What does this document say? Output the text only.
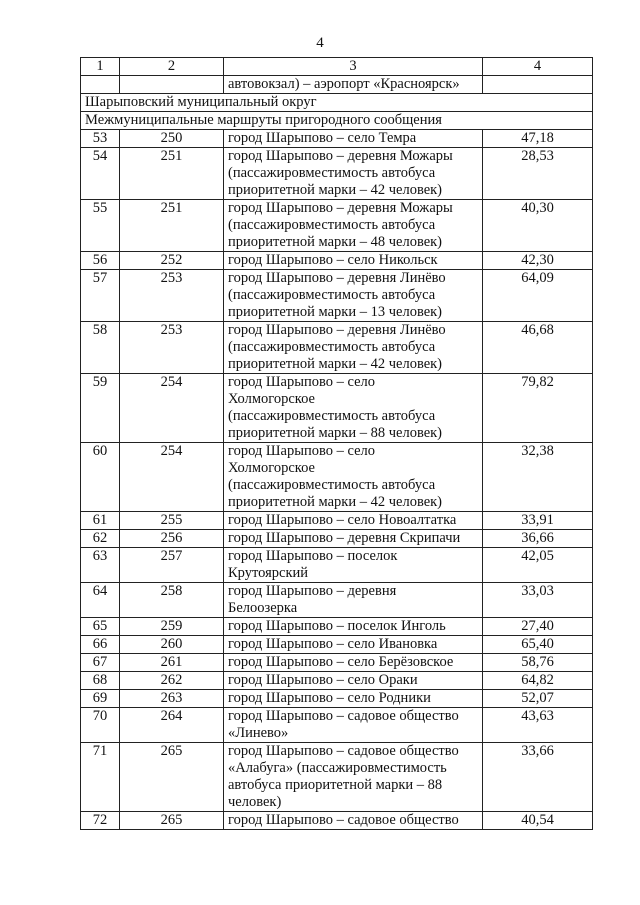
4
1	2	3	4
		автовокзал) – аэропорт «Красноярск»	
Шарыповский муниципальный округ			
Межмуниципальные маршруты пригородного сообщения			
53	250	город Шарыпово – село Темра	47,18
54	251	город Шарыпово – деревня Можары
(пассажировместимость автобуса
приоритетной марки – 42 человек)	28,53
55	251	город Шарыпово – деревня Можары
(пассажировместимость автобуса
приоритетной марки – 48 человек)	40,30
56	252	город Шарыпово – село Никольск	42,30
57	253	город Шарыпово – деревня Линёво
(пассажировместимость автобуса
приоритетной марки – 13 человек)	64,09
58	253	город Шарыпово – деревня Линёво
(пассажировместимость автобуса
приоритетной марки – 42 человек)	46,68
59	254	город Шарыпово – село
Холмогорское
(пассажировместимость автобуса
приоритетной марки – 88 человек)	79,82
60	254	город Шарыпово – село
Холмогорское
(пассажировместимость автобуса
приоритетной марки – 42 человек)	32,38
61	255	город Шарыпово – село Новоалтатка	33,91
62	256	город Шарыпово – деревня Скрипачи	36,66
63	257	город Шарыпово – поселок
Крутоярский	42,05
64	258	город Шарыпово – деревня
Белоозерка	33,03
65	259	город Шарыпово – поселок Инголь	27,40
66	260	город Шарыпово – село Ивановка	65,40
67	261	город Шарыпово – село Берёзовское	58,76
68	262	город Шарыпово – село Ораки	64,82
69	263	город Шарыпово – село Родники	52,07
70	264	город Шарыпово – садовое общество
«Линево»	43,63
71	265	город Шарыпово – садовое общество
«Алабуга» (пассажировместимость
автобуса приоритетной марки – 88
человек)	33,66
72	265	город Шарыпово – садовое общество	40,54
